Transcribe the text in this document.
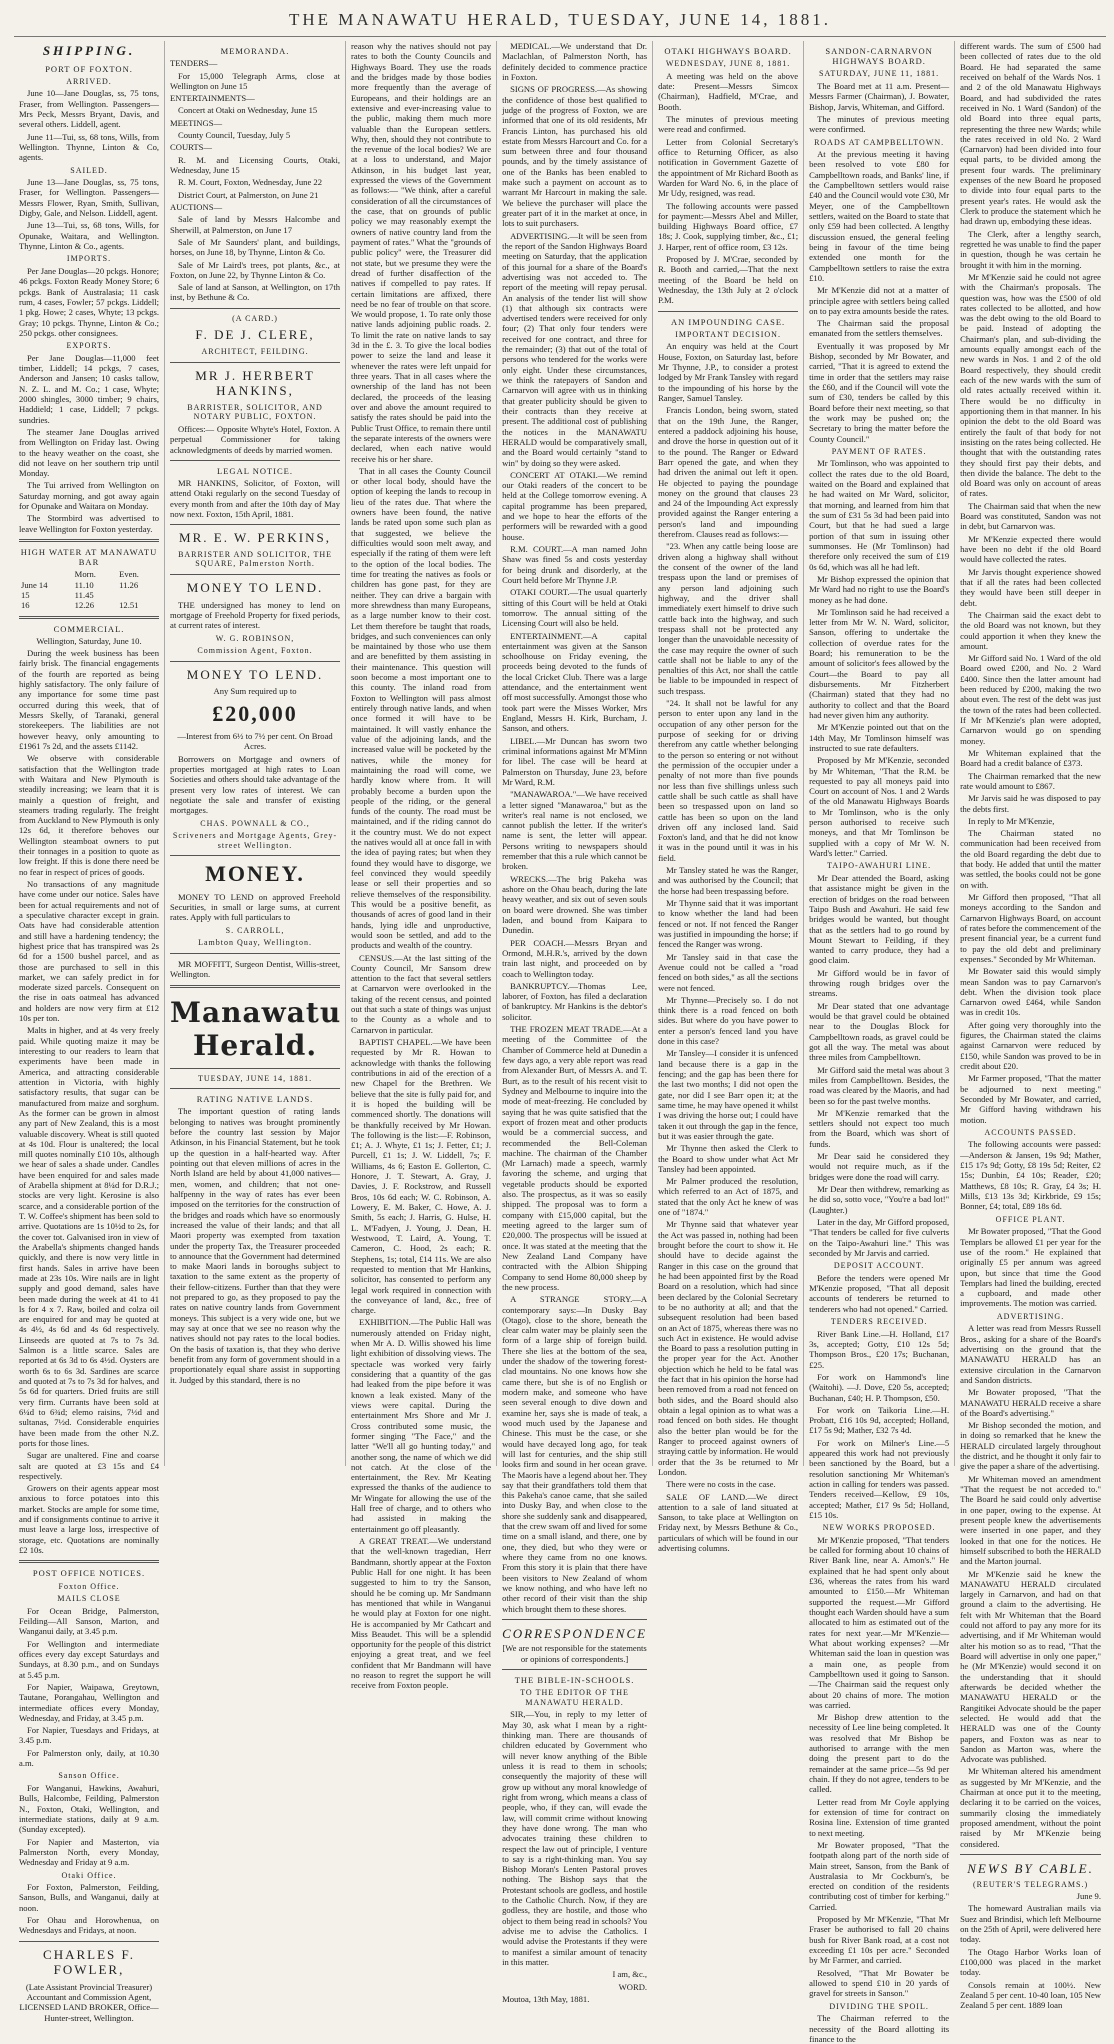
THE MANAWATU HERALD, TUESDAY, JUNE 14, 1881.
SHIPPING.
PORT OF FOXTON.
ARRIVED.

June 10—Jane Douglas, ss, 75 tons, Fraser, from Wellington. Passengers—Mrs Peck, Messrs Bryant, Davis, and several others. Liddell, agent.

June 11—Tui, ss, 68 tons, Wills, from Wellington. Thynne, Linton & Co, agents.

SAILED.

June 13—Jane Douglas, ss, 75 tons, Fraser, for Wellington. Passengers—Messrs Flower, Ryan, Smith, Sullivan, Digby, Gale, and Nelson. Liddell, agent.

June 13—Tui, ss, 68 tons, Wills, for Opunake, Waitara, and Wellington. Thynne, Linton & Co., agents.

IMPORTS.

Per Jane Douglas—20 pckgs. Honore; 46 pckgs. Foxton Ready Money Store; 6 pckgs. Bank of Australasia; 11 cask rum, 4 cases, Fowler; 57 pckgs. Liddell; 1 pkg. Howe; 2 cases, Whyte; 13 pckgs. Gray; 10 pckgs. Thynne, Linton & Co.; 250 pckgs. other consignees.

EXPORTS.

Per Jane Douglas—11,000 feet timber, Liddell; 14 pckgs, 7 cases, Anderson and Jansen; 10 casks tallow, N. Z. L. and M. Co.; 1 case, Whyte; 2000 shingles, 3000 timber; 9 chairs, Haddield; 1 case, Liddell; 7 pckgs. sundries.

The steamer Jane Douglas arrived from Wellington on Friday last. Owing to the heavy weather on the coast, she did not leave on her southern trip until Monday.

The Tui arrived from Wellington on Saturday morning, and got away again for Opunake and Waitara on Monday.

The Stormbird was advertised to leave Wellington for Foxton yesterday.

HIGH WATER AT MANAWATU BAR
	Morn.	Even.
June 14	11.10	11.26
15	11.45	
16	12.26	12.51
COMMERCIAL.

Wellington, Saturday, June 10.

During the week business has been fairly brisk. The financial engagements of the fourth are reported as being highly satisfactory. The only failure of any importance for some time past occurred during this week, that of Messrs Skelly, of Taranaki, general storekeepers. The liabilities are not however heavy, only amounting to £1961 7s 2d, and the assets £1142.

We observe with considerable satisfaction that the Wellington trade with Waitara and New Plymouth is steadily increasing; we learn that it is mainly a question of freight, and steamers trading regularly. The freight from Auckland to New Plymouth is only 12s 6d, it therefore behoves our Wellington steamboat owners to put their tonnages in a position to quote as low freight. If this is done there need be no fear in respect of prices of goods.

No transactions of any magnitude have come under our notice. Sales have been for actual requirements and not of a speculative character except in grain. Oats have had considerable attention and still have a hardening tendency; the highest price that has transpired was 2s 6d for a 1500 bushel parcel, and as those are purchased to sell in this market, we can safely predict in for moderate sized parcels. Consequent on the rise in oats oatmeal has advanced and holders are now very firm at £12 10s per ton.

Malts in higher, and at 4s very freely paid. While quoting maize it may be interesting to our readers to learn that experiments have been made in America, and attracting considerable attention in Victoria, with highly satisfactory results, that sugar can be manufactured from maize and sorghum. As the former can be grown in almost any part of New Zealand, this is a most valuable discovery. Wheat is still quoted at 4s 10d. Flour is unaltered; the local mill quotes nominally £10 10s, although we hear of sales a shade under. Candles have been enquired for and sales made of Arabella shipment at 8¼d for D.R.J.; stocks are very light. Kerosine is also scarce, and a considerable portion of the T. W. Coffee's shipment has been sold to arrive. Quotations are 1s 10½d to 2s, for the cover tot. Galvanised iron in view of the Arabella's shipments changed hands quickly, and there is now very little in first hands. Sales in arrive have been made at 23s 10s. Wire nails are in light supply and good demand, sales have been made during the week at 41 to 41 ls for 4 x 7. Raw, boiled and colza oil are enquired for and may be quoted at 4s 4½, 4s 6d and 4s 6d respectively. Linseeds are quoted at 7s to 7s 3d. Salmon is a little scarce. Sales are reported at 6s 3d to 6s 4½d. Oysters are worth 6s to 6s 3d. Sardines are scarce and quoted at 7s to 7s 3d for halves, and 5s 6d for quarters. Dried fruits are still very firm. Currants have been sold at 6¼d to 6¾d; elemo raisins, 7½d and sultanas, 7½d. Considerable enquiries have been made from the other N.Z. ports for those lines.

Sugar are unaltered. Fine and coarse salt are quoted at £3 15s and £4 respectively.

Growers on their agents appear most anxious to force potatoes into this market. Stocks are ample for some time, and if consignments continue to arrive it must leave a large loss, irrespective of storage, etc. Quotations are nominally £2 10s.

POST OFFICE NOTICES.
Foxton Office.
MAILS CLOSE

For Ocean Bridge, Palmerston, Feilding—All Sanson, Marton, and Wanganui daily, at 3.45 p.m.

For Wellington and intermediate offices every day except Saturdays and Sundays, at 8.30 p.m., and on Sundays at 5.45 p.m.

For Napier, Waipawa, Greytown, Tautane, Porangahau, Wellington and intermediate offices every Monday, Wednesday, and Friday, at 3.45 p.m.

For Napier, Tuesdays and Fridays, at 3.45 p.m.

For Palmerston only, daily, at 10.30 a.m.

Sanson Office.

For Wanganui, Hawkins, Awahuri, Bulls, Halcombe, Feilding, Palmerston N., Foxton, Otaki, Wellington, and intermediate stations, daily at 9 a.m. (Sunday excepted).

For Napier and Masterton, via Palmerston North, every Monday, Wednesday and Friday at 9 a.m.

Otaki Office.

For Foxton, Palmerston, Feilding, Sanson, Bulls, and Wanganui, daily at noon.

For Ohau and Horowhenua, on Wednesdays and Fridays, at noon.

CHARLES F. FOWLER,

(Late Assistant Provincial Treasurer) Accountant and Commission Agent, LICENSED LAND BROKER, Office—Hunter-street, Wellington.

MEMORANDA.

TENDERS—

For 15,000 Telegraph Arms, close at Wellington on June 15

ENTERTAINMENTS—

Concert at Otaki on Wednesday, June 15

MEETINGS—

County Council, Tuesday, July 5

COURTS—

R. M. and Licensing Courts, Otaki, Wednesday, June 15

R. M. Court, Foxton, Wednesday, June 22

District Court, at Palmerston, on June 21

AUCTIONS—

Sale of land by Messrs Halcombe and Sherwill, at Palmerston, on June 17

Sale of Mr Saunders' plant, and buildings, horses, on June 18, by Thynne, Linton & Co.

Sale of Mr Laird's trees, pot plants, &c., at Foxton, on June 22, by Thynne Linton & Co.

Sale of land at Sanson, at Wellington, on 17th inst, by Bethune & Co.

(A CARD.)
F. DE J. CLERE,
ARCHITECT, FEILDING.
MR J. HERBERT HANKINS,
BARRISTER, SOLICITOR, AND NOTARY PUBLIC, FOXTON.

Offices:— Opposite Whyte's Hotel, Foxton. A perpetual Commissioner for taking acknowledgments of deeds by married women.

LEGAL NOTICE.

MR HANKINS, Solicitor, of Foxton, will attend Otaki regularly on the second Tuesday of every month from and after the 10th day of May now next. Foxton, 15th April, 1881.

MR. E. W. PERKINS,
BARRISTER AND SOLICITOR, THE SQUARE, Palmerston North.
MONEY TO LEND.

THE undersigned has money to lend on mortgage of Freehold Property for fixed periods, at current rates of interest.

W. G. ROBINSON,
Commission Agent, Foxton.
MONEY TO LEND.

Any Sum required up to

£20,000

—Interest from 6½ to 7½ per cent. On Broad Acres.

Borrowers on Mortgage and owners of properties mortgaged at high rates to Loan Societies and others should take advantage of the present very low rates of interest. We can negotiate the sale and transfer of existing mortgages.

CHAS. POWNALL & CO.,
Scriveners and Mortgage Agents, Grey-street Wellington.
MONEY.

MONEY TO LEND on approved Freehold Securities, in small or large sums, at current rates. Apply with full particulars to

S. CARROLL,
Lambton Quay, Wellington.

MR MOFFITT, Surgeon Dentist, Willis-street, Wellington.

Manawatu Herald.
TUESDAY, JUNE 14, 1881.
RATING NATIVE LANDS.

The important question of rating lands belonging to natives was brought prominently before the country last session by Major Atkinson, in his Financial Statement, but he took up the question in a half-hearted way. After pointing out that eleven millions of acres in the North Island are held by about 41,000 natives—men, women, and children; that not one-halfpenny in the way of rates has ever been imposed on the territories for the construction of the bridges and roads which have so enormously increased the value of their lands; and that all Maori property was exempted from taxation under the property Tax, the Treasurer proceeded to announce that the Government had determined to make Maori lands in boroughs subject to taxation to the same extent as the property of their fellow-citizens. Further than that they were not prepared to go, as they proposed to pay the rates on native country lands from Government moneys. This subject is a very wide one, but we may say at once that we see no reason why the natives should not pay rates to the local bodies. On the basis of taxation is, that they who derive benefit from any form of government should in a proportionately equal share assist in supporting it. Judged by this standard, there is no

reason why the natives should not pay rates to both the County Councils and Highways Board. They use the roads and the bridges made by those bodies more frequently than the average of Europeans, and their holdings are an extensive and ever-increasing value to the public, making them much more valuable than the European settlers. Why, then, should they not contribute to the revenue of the local bodies? We are at a loss to understand, and Major Atkinson, in his budget last year, expressed the views of the Government as follows:— "We think, after a careful consideration of all the circumstances of the case, that on grounds of public policy we may reasonably exempt the owners of native country land from the payment of rates." What the "grounds of public policy" were, the Treasurer did not state, but we presume they were the dread of further disaffection of the natives if compelled to pay rates. If certain limitations are affixed, there need be no fear of trouble on that score. We would propose, 1. To rate only those native lands adjoining public roads. 2. To limit the rate on native lands to say 3d in the £. 3. To give the local bodies power to seize the land and lease it whenever the rates were left unpaid for three years. That in all cases where the ownership of the land has not been declared, the proceeds of the leasing over and above the amount required to satisfy the rates should be paid into the Public Trust Office, to remain there until the separate interests of the owners were declared, when each native would receive his or her share.

That in all cases the County Council or other local body, should have the option of keeping the lands to recoup in lieu of the rates due. That where the owners have been found, the native lands be rated upon some such plan as that suggested, we believe the difficulties would soon melt away, and especially if the rating of them were left to the option of the local bodies. The time for treating the natives as fools or children has gone past, for they are neither. They can drive a bargain with more shrewdness than many Europeans, as a large number know to their cost. Let them therefore be taught that roads, bridges, and such conveniences can only be maintained by those who use them and are benefitted by them assisting in their maintenance. This question will soon become a most important one to this county. The inland road from Foxton to Wellington will pass almost entirely through native lands, and when once formed it will have to be maintained. It will vastly enhance the value of the adjoining lands, and the increased value will be pocketed by the natives, while the money for maintaining the road will come, we hardly know where from. It will probably become a burden upon the people of the riding, or the general funds of the county. The road must be maintained, and if the riding cannot do it the country must. We do not expect the natives would all at once fall in with the idea of paying rates; but when they found they would have to disgorge, we feel convinced they would speedily lease or sell their properties and so relieve themselves of the responsibility. This would be a positive benefit, as thousands of acres of good land in their hands, lying idle and unproductive, would soon be settled, and add to the products and wealth of the country.

CENSUS.—At the last sitting of the County Council, Mr Sansom drew attention to the fact that several settlers at Carnarvon were overlooked in the taking of the recent census, and pointed out that such a state of things was unjust to the County as a whole and to Carnarvon in particular.

BAPTIST CHAPEL.—We have been requested by Mr R. Howan to acknowledge with thanks the following contributions in aid of the erection of a new Chapel for the Brethren. We believe that the site is fully paid for, and it is hoped the building will be commenced shortly. The donations will be thankfully received by Mr Howan. The following is the list:—F. Robinson, £1; A. J. Whyte, £1 1s; J. Fetter, £1; J. Purcell, £1 1s; J. W. Liddell, 7s; F. Williams, 4s 6; Easton E. Gollerton, C. Honore, J. T. Stewart, A. Gray, J. Davies, J. F. Rockstrow, and Russell Bros, 10s 6d each; W. C. Robinson, A. Lowery, E. M. Baker, C. Howe, A. J. Smith, 5s each; J. Harris, G. Hulse, H. L. M'Fadyen, J. Young, J. Dean, H. Westwood, T. Laird, A. Young, T. Cameron, C. Hood, 2s each; R. Stephens, 1s; total, £14 11s. We are also requested to mention that Mr Hankins, solicitor, has consented to perform any legal work required in connection with the conveyance of land, &c., free of charge.

EXHIBITION.—The Public Hall was numerously attended on Friday night, when Mr A. D. Willis showed his lime light exhibition of dissolving views. The spectacle was worked very fairly considering that a quantity of the gas had leaked from the pipe before it was known a leak existed. Many of the views were capital. During the entertainment Mrs Shore and Mr J. Cross contributed some music, the former singing "The Face," and the latter "We'll all go hunting today," and another song, the name of which we did not catch. At the close of the entertainment, the Rev. Mr Keating expressed the thanks of the audience to Mr Wingate for allowing the use of the Hall free of charge, and to others who had assisted in making the entertainment go off pleasantly.

A GREAT TREAT.—We understand that the well-known tragedian, Herr Bandmann, shortly appear at the Foxton Public Hall for one night. It has been suggested to him to try the Sanson, should he be coming up. Mr Sandmann has mentioned that while in Wanganui he would play at Foxton for one night. He is accompanied by Mr Cathcart and Miss Beaudet. This will be a splendid opportunity for the people of this district enjoying a great treat, and we feel confident that Mr Bandmann will have no reason to regret the support he will receive from Foxton people.

MEDICAL.—We understand that Dr. Maclachlan, of Palmerston North, has definitely decided to commence practice in Foxton.

SIGNS OF PROGRESS.—As showing the confidence of those best qualified to judge of the progress of Foxton, we are informed that one of its old residents, Mr Francis Linton, has purchased his old estate from Messrs Harcourt and Co. for a sum between three and four thousand pounds, and by the timely assistance of one of the Banks has been enabled to make such a payment on account as to warrant Mr Harcourt in making the sale. We believe the purchaser will place the greater part of it in the market at once, in lots to suit purchasers.

ADVERTISING.—It will be seen from the report of the Sandon Highways Board meeting on Saturday, that the application of this journal for a share of the Board's advertising was not acceded to. The report of the meeting will repay perusal. An analysis of the tender list will show (1) that although six contracts were advertised tenders were received for only four; (2) That only four tenders were received for one contract, and three for the remainder; (3) that out of the total of persons who tendered for the works were only eight. Under these circumstances, we think the ratepayers of Sandon and Carnarvon will agree with us in thinking that greater publicity should be given to their contracts than they receive at present. The additional cost of publishing the notices in the MANAWATU HERALD would be comparatively small, and the Board would certainly "stand to win" by doing so they were asked.

CONCERT AT OTAKI.—We remind our Otaki readers of the concert to be held at the College tomorrow evening. A capital programme has been prepared, and we hope to hear the efforts of the performers will be rewarded with a good house.

R.M. COURT.—A man named John Shaw was fined 5s and costs yesterday for being drunk and disorderly, at the Court held before Mr Thynne J.P.

OTAKI COURT.—The usual quarterly sitting of this Court will be held at Otaki tomorrow. The annual sitting of the Licensing Court will also be held.

ENTERTAINMENT.—A capital entertainment was given at the Sanson schoolhouse on Friday evening, the proceeds being devoted to the funds of the local Cricket Club. There was a large attendance, and the entertainment went off most successfully. Amongst those who took part were the Misses Worker, Mrs England, Messrs H. Kirk, Burcham, J. Sanson, and others.

LIBEL.—Mr Duncan has sworn two criminal informations against Mr M'Minn for libel. The case will be heard at Palmerston on Thursday, June 23, before Mr Ward, R.M.

"MANAWAROA."—We have received a letter signed "Manawaroa," but as the writer's real name is not enclosed, we cannot publish the letter. If the writer's name is sent, the letter will appear. Persons writing to newspapers should remember that this a rule which cannot be broken.

WRECKS.—The brig Pakeha was ashore on the Ohau beach, during the late heavy weather, and six out of seven souls on board were drowned. She was timber laden, and bound from Kaipara to Dunedin.

PER COACH.—Messrs Bryan and Ormond, M.H.R.'s, arrived by the down train last night, and proceeded on by coach to Wellington today.

BANKRUPTCY.—Thomas Lee, laborer, of Foxton, has filed a declaration of bankruptcy. Mr Hankins is the debtor's solicitor.

THE FROZEN MEAT TRADE.—At a meeting of the Committee of the Chamber of Commerce held at Dunedin a few days ago, a very able report was read from Alexander Burt, of Messrs A. and T. Burt, as to the result of his recent visit to Sydney and Melbourne to inquire into the mode of meat-freezing. He concluded by saying that he was quite satisfied that the export of frozen meat and other products would be a commercial success, and recommended the Bell-Coleman machine. The chairman of the Chamber (Mr Larnach) made a speech, warmly favoring the scheme, and urging that vegetable products should be exported also. The prospectus, as it was so easily shipped. The proposal was to form a company with £15,000 capital, but the meeting agreed to the larger sum of £20,000. The prospectus will be issued at once. It was stated at the meeting that the New Zealand Land Company have contracted with the Albion Shipping Company to send Home 80,000 sheep by the new process.

A STRANGE STORY.—A contemporary says:—In Dusky Bay (Otago), close to the shore, beneath the clear calm water may be plainly seen the form of a large ship of foreign build. There she lies at the bottom of the sea, under the shadow of the towering forest-clad mountains. No one knows how she came there, but she is of no English or modern make, and someone who have seen several enough to dive down and examine her, says she is made of teak, a wood much used by the Japanese and Chinese. This must be the case, or she would have decayed long ago, for teak will last for centuries, and the ship still looks firm and sound in her ocean grave. The Maoris have a legend about her. They say that their grandfathers told them that this Pakeha's canoe came, that she sailed into Dusky Bay, and when close to the shore she suddenly sank and disappeared, that the crew swam off and lived for some time on a small island, and there, one by one, they died, but who they were or where they came from no one knows. From this story it is plain that there have been visitors to New Zealand of whom we know nothing, and who have left no other record of their visit than the ship which brought them to these shores.

CORRESPONDENCE

[We are not responsible for the statements or opinions of correspondents.]

THE BIBLE-IN-SCHOOLS.
TO THE EDITOR OF THE MANAWATU HERALD.

SIR,—You, in reply to my letter of May 30, ask what I mean by a right-thinking man. There are thousands of children educated by Government who will never know anything of the Bible unless it is read to them in schools; consequently the majority of these will grow up without any moral knowledge of right from wrong, which means a class of people, who, if they can, will evade the law, will commit crime without knowing they have done wrong. The man who advocates training these children to respect the law out of principle, I venture to say is a right-thinking man. You say Bishop Moran's Lenten Pastoral proves nothing. The Bishop says that the Protestant schools are godless, and hostile to the Catholic Church. Now, if they are godless, they are hostile, and those who object to them being read in schools? You advise me to advise the Catholics. I would advise the Protestants if they were to manifest a similar amount of tenacity in this matter.

I am, &c.,
WORD.

Moutoa, 13th May, 1881.

OTAKI HIGHWAYS BOARD.
WEDNESDAY, JUNE 8, 1881.

A meeting was held on the above date: Present—Messrs Simcox (Chairman), Hadfield, M'Crae, and Booth.

The minutes of previous meeting were read and confirmed.

Letter from Colonial Secretary's office to Returning Officer, as also notification in Government Gazette of the appointment of Mr Richard Booth as Warden for Ward No. 6, in the place of Mr Udy, resigned, was read.

The following accounts were passed for payment:—Messrs Abel and Miller, building Highways Board office, £7 18s; J. Cook, supplying timber, &c., £1; J. Harper, rent of office room, £3 12s.

Proposed by J. M'Crae, seconded by R. Booth and carried,—That the next meeting of the Board be held on Wednesday, the 13th July at 2 o'clock P.M.

AN IMPOUNDING CASE.
IMPORTANT DECISION.

An enquiry was held at the Court House, Foxton, on Saturday last, before Mr Thynne, J.P., to consider a protest lodged by Mr Frank Tansley with regard to the impounding of his horse by the Ranger, Samuel Tansley.

Francis London, being sworn, stated that on the 19th June, the Ranger, entered a paddock adjoining his house, and drove the horse in question out of it to the pound. The Ranger or Edward Barr opened the gate, and when they had driven the animal out left it open. He objected to paying the poundage money on the ground that clauses 23 and 24 of the Impounding Act expressly provided against the Ranger entering a person's land and impounding therefrom. Clauses read as follows:—

"23. When any cattle being loose are driven along a highway shall without the consent of the owner of the land trespass upon the land or premises of any person land adjoining such highway, and the driver shall immediately exert himself to drive such cattle back into the highway, and such trespass shall not be protected any longer than the unavoidable necessity of the case may require the owner of such cattle shall not be liable to any of the penalties of this Act, nor shall the cattle be liable to be impounded in respect of such trespass.

"24. It shall not be lawful for any person to enter upon any land in the occupation of any other person for the purpose of seeking for or driving therefrom any cattle whether belonging to the person so entering or not without the permission of the occupier under a penalty of not more than five pounds nor less than five shillings unless such cattle shall be such cattle as shall have been so trespassed upon on land so cattle has been so upon on the land driven off any inclosed land. Said Foxton's land, and that he did not know it was in the pound until it was in his field.

Mr Tansley stated he was the Ranger, and was authorised by the Council; that the horse had been trespassing before.

Mr Thynne said that it was important to know whether the land had been fenced or not. If not fenced the Ranger was justified in impounding the horse; if fenced the Ranger was wrong.

Mr Tansley said in that case the Avenue could not be called a "road fenced on both sides," as all the sections were not fenced.

Mr Thynne—Precisely so. I do not think there is a road fenced on both sides. But where do you have power to enter a person's fenced land you have done in this case?

Mr Tansley—I consider it is unfenced land because there is a gap in the fencing; and the gap has been there for the last two months; I did not open the gate, nor did I see Barr open it; at the same time, he may have opened it whilst I was driving the horse out; I could have taken it out through the gap in the fence, but it was easier through the gate.

Mr Thynne then asked the Clerk to the Board to show under what Act Mr Tansley had been appointed.

Mr Palmer produced the resolution, which referred to an Act of 1875, and stated that the only Act he knew of was one of "1874."

Mr Thynne said that whatever year the Act was passed in, nothing had been brought before the court to show it. He should have to decide against the Ranger in this case on the ground that he had been appointed first by the Road Board on a resolution, which had since been declared by the Colonial Secretary to be no authority at all; and that the subsequent resolution had been based on an Act of 1875, whereas there was no such Act in existence. He would advise the Board to pass a resolution putting in the proper year for the Act. Another objection which he held to be fatal was the fact that in his opinion the horse had been removed from a road not fenced on both sides, and the Board should also obtain a legal opinion as to what was a road fenced on both sides. He thought also the better plan would be for the Ranger to proceed against owners of straying cattle by information. He would order that the 3s be returned to Mr London.

There were no costs in the case.

SALE OF LAND.—We direct attention to a sale of land situated at Sanson, to take place at Wellington on Friday next, by Messrs Bethune & Co., particulars of which will be found in our advertising columns.

SANDON-CARNARVON HIGHWAYS BOARD.
SATURDAY, JUNE 11, 1881.

The Board met at 11 a.m. Present—Messrs Farmer (Chairman), J. Bowater, Bishop, Jarvis, Whiteman, and Gifford.

The minutes of previous meeting were confirmed.

ROADS AT CAMPBELLTOWN.

At the previous meeting it having been resolved to vote £80 for Campbelltown roads, and Banks' line, if the Campbelltown settlers would raise £40 and the Council would vote £30, Mr Meyer, one of the Campbelltown settlers, waited on the Board to state that only £59 had been collected. A lengthy discussion ensued, the general feeling being in favour of the time being extended one month for the Campbelltown settlers to raise the extra £10.

Mr M'Kenzie did not at a matter of principle agree with settlers being called on to pay extra amounts beside the rates.

The Chairman said the proposal emanated from the settlers themselves.

Eventually it was proposed by Mr Bishop, seconded by Mr Bowater, and carried, "That it is agreed to extend the time in order that the settlers may raise the £60, and if the Council will vote the sum of £30, tenders be called by this Board before their next meeting, so that the work may be pushed on; the Secretary to bring the matter before the County Council."

PAYMENT OF RATES.

Mr Tomlinson, who was appointed to collect the rates due to the old Board, waited on the Board and explained that he had waited on Mr Ward, solicitor, that morning, and learned from him that the sum of £31 5s 3d had been paid into Court, but that he had sued a large portion of that sum in issuing other summonses. He (Mr Tomlinson) had therefore only received the sum of £19 0s 6d, which was all he had left.

Mr Bishop expressed the opinion that Mr Ward had no right to use the Board's money as he had done.

Mr Tomlinson said he had received a letter from Mr W. N. Ward, solicitor, Sanson, offering to undertake the collection of overdue rates for the Board; his remuneration to be the amount of solicitor's fees allowed by the Court—the Board to pay all disbursements. Mr Fitzherbert (Chairman) stated that they had no authority to collect and that the Board had never given him any authority.

Mr M'Kenzie pointed out that on the 14th May, Mr Tomlinson himself was instructed to sue rate defaulters.

Proposed by Mr M'Kenzie, seconded by Mr Whiteman, "That the R.M. be requested to pay all moneys paid into Court on account of Nos. 1 and 2 Wards of the old Manawatu Highways Boards to Mr Tomlinson, who is the only person authorised to receive such moneys, and that Mr Tomlinson be supplied with a copy of Mr W. N. Ward's letter." Carried.

TAIPO-AWAHURI LINE.

Mr Dear attended the Board, asking that assistance might be given in the erection of bridges on the road between Taipo Bush and Awahuri. He said few bridges would be wanted, but thought that as the settlers had to go round by Mount Stewart to Feilding, if they wanted to carry produce, they had a good claim.

Mr Gifford would be in favor of throwing rough bridges over the streams.

Mr Dear stated that one advantage would be that gravel could be obtained near to the Douglas Block for Campbelltown roads, as gravel could be got all the way. The metal was about three miles from Campbelltown.

Mr Gifford said the metal was about 3 miles from Campbelltown. Besides, the road was cleared by the Maoris, and had been so for the past twelve months.

Mr M'Kenzie remarked that the settlers should not expect too much from the Board, which was short of funds.

Mr Dear said he considered they would not require much, as if the bridges were done the road will carry.

Mr Dear then withdrew, remarking as he did so, sotto voce, "You're a bad lot!" (Laughter.)

Later in the day, Mr Gifford proposed, "That tenders be called for five culverts on the Taipo-Awahuri line." This was seconded by Mr Jarvis and carried.

DEPOSIT ACCOUNT.

Before the tenders were opened Mr M'Kenzie proposed, "That all deposit accounts of tenderers be returned to tenderers who had not opened." Carried.

TENDERS RECEIVED.

River Bank Line.—H. Holland, £17 3s, accepted; Gotty, £10 12s 5d; Thompson Bros., £20 17s; Buchanan, £25.

For work on Hammond's line (Waitohi). —J. Dove, £20 5s, accepted; Buchanan, £40; H. P. Thompson, £50.

For work on Taikoria Line.—H. Probatt, £16 10s 9d, accepted; Holland, £17 5s 9d; Mather, £32 7s 4d.

For work on Milner's Line.—5 appeared this work had not previously been sanctioned by the Board, but a resolution sanctioning Mr Whiteman's action in calling for tenders was passed. Tenders received—Kellow, £9 10s, accepted; Mather, £17 9s 5d; Holland, £15 10s.

NEW WORKS PROPOSED.

Mr M'Kenzie proposed, "That tenders be called for forming about 10 chains of River Bank line, near A. Amon's." He explained that he had spent only about £36, whereas the rates from his ward amounted to £150.—Mr Whiteman supported the request.—Mr Gifford thought each Warden should have a sum allocated to him as estimated out of the rates for next year.—Mr M'Kenzie—What about working expenses? —Mr Whiteman said the loan in question was a main one, as people from Campbelltown used it going to Sanson.—The Chairman said the request only about 20 chains of more. The motion was carried.

Mr Bishop drew attention to the necessity of Lee line being completed. It was resolved that Mr Bishop be authorised to arrange with the men doing the present part to do the remainder at the same price—5s 9d per chain. If they do not agree, tenders to be called.

Letter read from Mr Coyle applying for extension of time for contract on Rosina line. Extension of time granted to next meeting.

Mr Bowater proposed, "That the footpath along part of the north side of Main street, Sanson, from the Bank of Australasia to Mr Cockburn's, be erected on condition of the residents contributing cost of timber for kerbing." Carried.

Proposed by Mr M'Kenzie, "That Mr Fraser be authorised to fall 20 chains bush for River Bank road, at a cost not exceeding £1 10s per acre." Seconded by Mr Farmer, and carried.

Resolved, "That Mr Bowater be allowed to spend £10 in 20 yards of gravel for streets in Sanson."

DIVIDING THE SPOIL.

The Chairman referred to the necessity of the Board allotting its finance to the

different wards. The sum of £500 had been collected of rates due to the old Board. He had separated the same received on behalf of the Wards Nos. 1 and 2 of the old Manawatu Highways Board, and had subdivided the rates received in No. 1 Ward (Sandon) of the old Board into three equal parts, representing the three new Wards; while the rates received in old No. 2 Ward (Carnarvon) had been divided into four equal parts, to be divided among the present four wards. The preliminary expenses of the new Board he proposed to divide into four equal parts to the present year's rates. He would ask the Clerk to produce the statement which he had drawn up, embodying these ideas.

The Clerk, after a lengthy search, regretted he was unable to find the paper in question, though he was certain he brought it with him in the morning.

Mr M'Kenzie said he could not agree with the Chairman's proposals. The question was, how was the £500 of old rates collected to be allotted, and how was the debt owing to the old Board to be paid. Instead of adopting the Chairman's plan, and sub-dividing the amounts equally amongst each of the new wards in Nos. 1 and 2 of the old Board respectively, they should credit each of the new wards with the sum of old rates actually received within it. There would be no difficulty in apportioning them in that manner. In his opinion the debt to the old Board was entirely the fault of that body for not insisting on the rates being collected. He thought that with the outstanding rates they should first pay their debts, and then divide the balance. The debt to the old Board was only on account of areas of rates.

The Chairman said that when the new Board was constituted, Sandon was not in debt, but Carnarvon was.

Mr M'Kenzie expected there would have been no debt if the old Board would have collected the rates.

Mr Jarvis thought experience showed that if all the rates had been collected they would have been still deeper in debt.

The Chairman said the exact debt to the old Board was not known, but they could apportion it when they knew the amount.

Mr Gifford said No. 1 Ward of the old Board owed £200, and No. 2 Ward £400. Since then the latter amount had been reduced by £200, making the two about even. The rest of the debt was just the town of the rates had been collected. If Mr M'Kenzie's plan were adopted, Carnarvon would go on spending money.

Mr Whiteman explained that the Board had a credit balance of £373.

The Chairman remarked that the new rate would amount to £867.

Mr Jarvis said he was disposed to pay the debts first.

In reply to Mr M'Kenzie,

The Chairman stated no communication had been received from the old Board regarding the debt due to that body. He added that until the matter was settled, the books could not be gone on with.

Mr Gifford then proposed, "That all moneys according to the Sandon and Carnarvon Highways Board, on account of rates before the commencement of the present financial year, be a current fund to pay the old debt and preliminary expenses." Seconded by Mr Whiteman.

Mr Bowater said this would simply mean Sandon was to pay Carnarvon's debt. When the division took place Carnarvon owed £464, while Sandon was in credit 10s.

After going very thoroughly into the figures, the Chairman stated the claims against Carnarvon were reduced by £150, while Sandon was proved to be in credit about £20.

Mr Farmer proposed, "That the matter be adjourned to next meeting." Seconded by Mr Bowater, and carried, Mr Gifford having withdrawn his motion.

ACCOUNTS PASSED.

The following accounts were passed:—Anderson & Jansen, 19s 9d; Mather, £15 17s 9d; Gotty, £8 19s 5d; Reiter, £2 15s; Dunbin, £4 10s; Reader, £20; Matthews, £8 10s; R. Gray, £4 3s; H. Mills, £13 13s 3d; Kirkbride, £9 15s; Bonner, £4; total, £89 18s 6d.

OFFICE PLANT.

Mr Bowater proposed, "That the Good Templars be allowed £1 per year for the use of the room." He explained that originally £5 per annum was agreed upon, but since that time the Good Templars had lined the building, erected a cupboard, and made other improvements. The motion was carried.

ADVERTISING.

A letter was read from Messrs Russell Bros., asking for a share of the Board's advertising on the ground that the MANAWATU HERALD has an extensive circulation in the Carnarvon and Sandon districts.

Mr Bowater proposed, "That the MANAWATU HERALD receive a share of the Board's advertising."

Mr Bishop seconded the motion, and in doing so remarked that he knew the HERALD circulated largely throughout the district, and he thought it only fair to give the paper a share of the advertising.

Mr Whiteman moved an amendment "That the request be not acceded to." The Board he said could only advertise in one paper, owing to the expense. At present people knew the advertisements were inserted in one paper, and they looked in that one for the notices. He himself subscribed to both the HERALD and the Marton journal.

Mr M'Kenzie said he knew the MANAWATU HERALD circulated largely in Carnarvon, and had on that ground a claim to the advertising. He felt with Mr Whiteman that the Board could not afford to pay any more for its advertising, and if Mr Whiteman would alter his motion so as to read, "That the Board will advertise in only one paper," he (Mr M'Kenzie) would second it on the understanding that it should afterwards be decided whether the MANAWATU HERALD or the Rangitikei Advocate should be the paper selected. He would add that the HERALD was one of the County papers, and Foxton was as near to Sandon as Marton was, where the Advocate was published.

Mr Whiteman altered his amendment as suggested by Mr M'Kenzie, and the Chairman at once put it to the meeting, declaring it to be carried on the voices, summarily closing the immediately proposed amendment, without the point raised by Mr M'Kenzie being considered.

NEWS BY CABLE.
(REUTER'S TELEGRAMS.)
June 9.

The homeward Australian mails via Suez and Brindisi, which left Melbourne on the 25th of April, were delivered here today.

The Otago Harbor Works loan of £100,000 was placed in the market today.

Consols remain at 100½. New Zealand 5 per cent. 10-40 loan, 105 New Zealand 5 per cent. 1889 loan
